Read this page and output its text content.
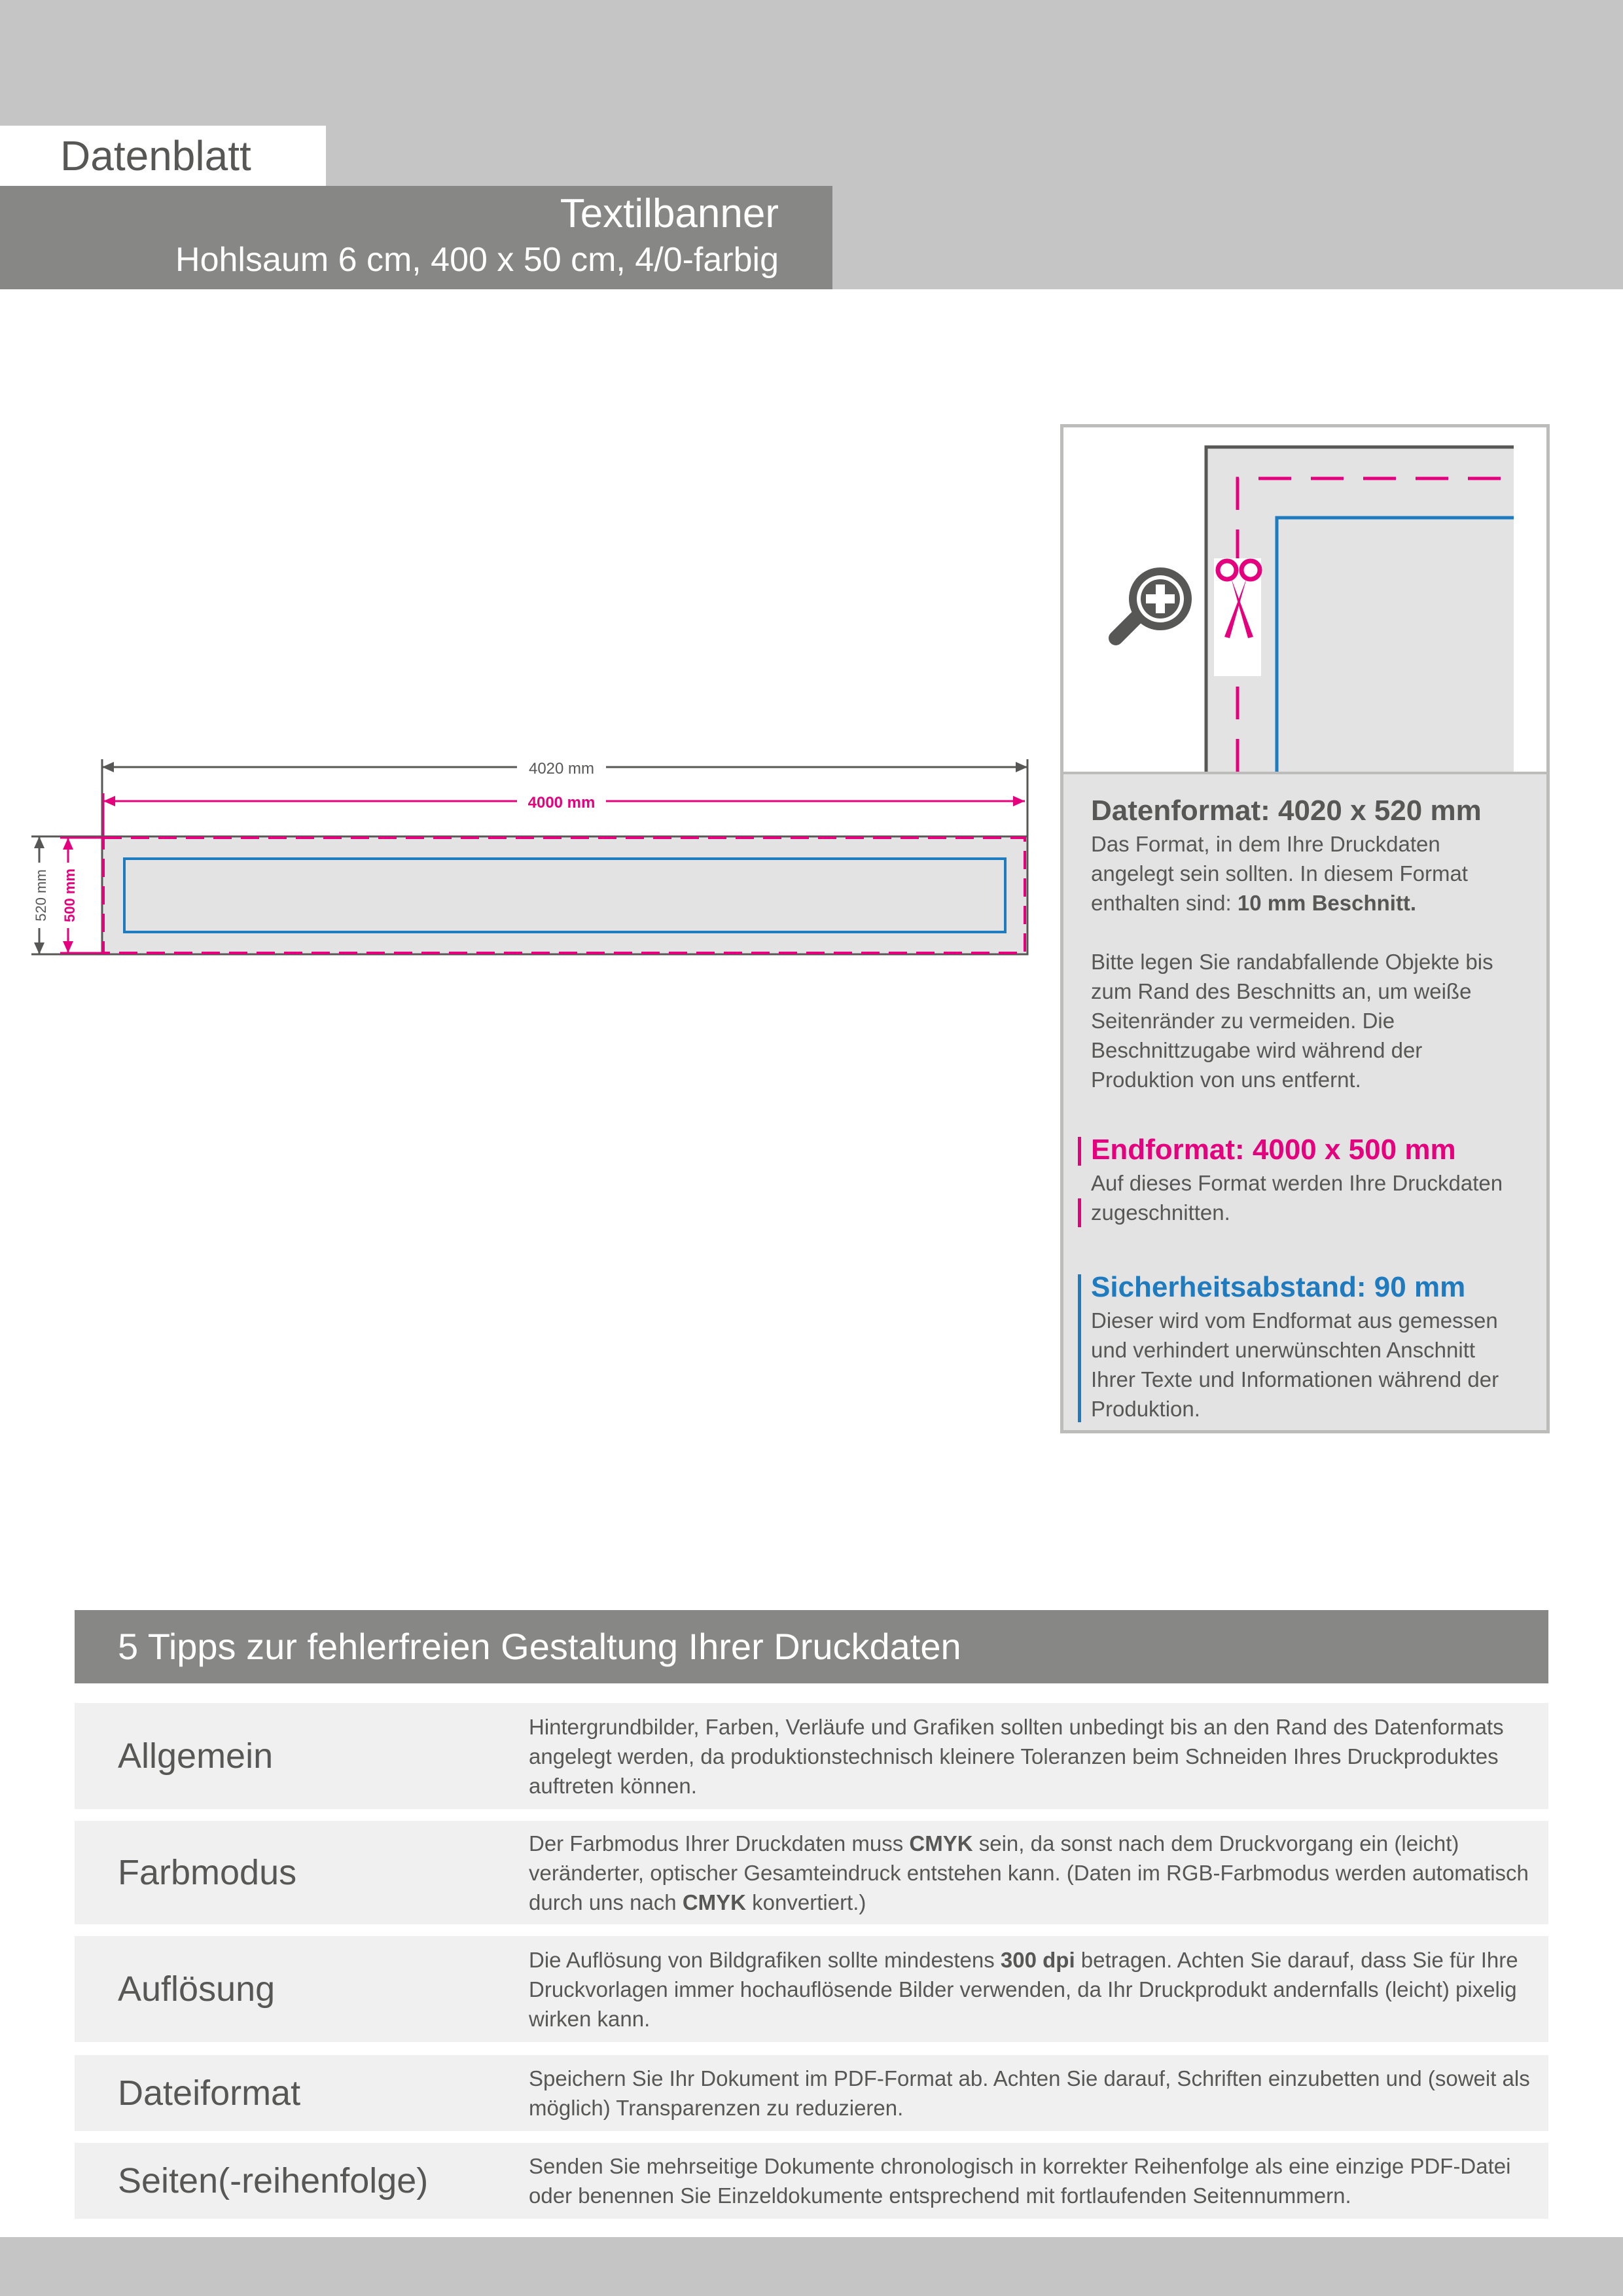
Datenblatt
Textilbanner
Hohlsaum 6 cm, 400 x 50 cm, 4/0-farbig
4020 mm
4000 mm
520 mm 500 mm
Datenformat: 4020 x 520 mm

Das Format, in dem Ihre Druckdaten angelegt sein sollten. In diesem Format enthalten sind: 10 mm Beschnitt.

Bitte legen Sie randabfallende Objekte bis zum Rand des Beschnitts an, um weiße Seitenränder zu vermeiden. Die Beschnittzugabe wird während der Produktion von uns entfernt.

Endformat: 4000 x 500 mm

Auf dieses Format werden Ihre Druckdaten zugeschnitten.

Sicherheitsabstand: 90 mm

Dieser wird vom Endformat aus gemessen und verhindert unerwünschten Anschnitt Ihrer Texte und Informationen während der Produktion.

5 Tipps zur fehlerfreien Gestaltung Ihrer Druckdaten
Allgemein
Hintergrundbilder, Farben, Verläufe und Grafiken sollten unbedingt bis an den Rand des Datenformats angelegt werden, da produktionstechnisch kleinere Toleranzen beim Schneiden Ihres Druckproduktes auftreten können.
Farbmodus
Der Farbmodus Ihrer Druckdaten muss CMYK sein, da sonst nach dem Druckvorgang ein (leicht) veränderter, optischer Gesamteindruck entstehen kann. (Daten im RGB-Farbmodus werden automatisch durch uns nach CMYK konvertiert.)
Auflösung
Die Auflösung von Bildgrafiken sollte mindestens 300 dpi betragen. Achten Sie darauf, dass Sie für Ihre Druckvorlagen immer hochauflösende Bilder verwenden, da Ihr Druckprodukt andernfalls (leicht) pixelig wirken kann.
Dateiformat	Speichern Sie Ihr Dokument im PDF-Format ab. Achten Sie darauf, Schriften einzubetten und (soweit als möglich) Transparenzen zu reduzieren.
Seiten(-reihenfolge)	Senden Sie mehrseitige Dokumente chronologisch in korrekter Reihenfolge als eine einzige PDF-Datei oder benennen Sie Einzeldokumente entsprechend mit fortlaufenden Seitennummern.
